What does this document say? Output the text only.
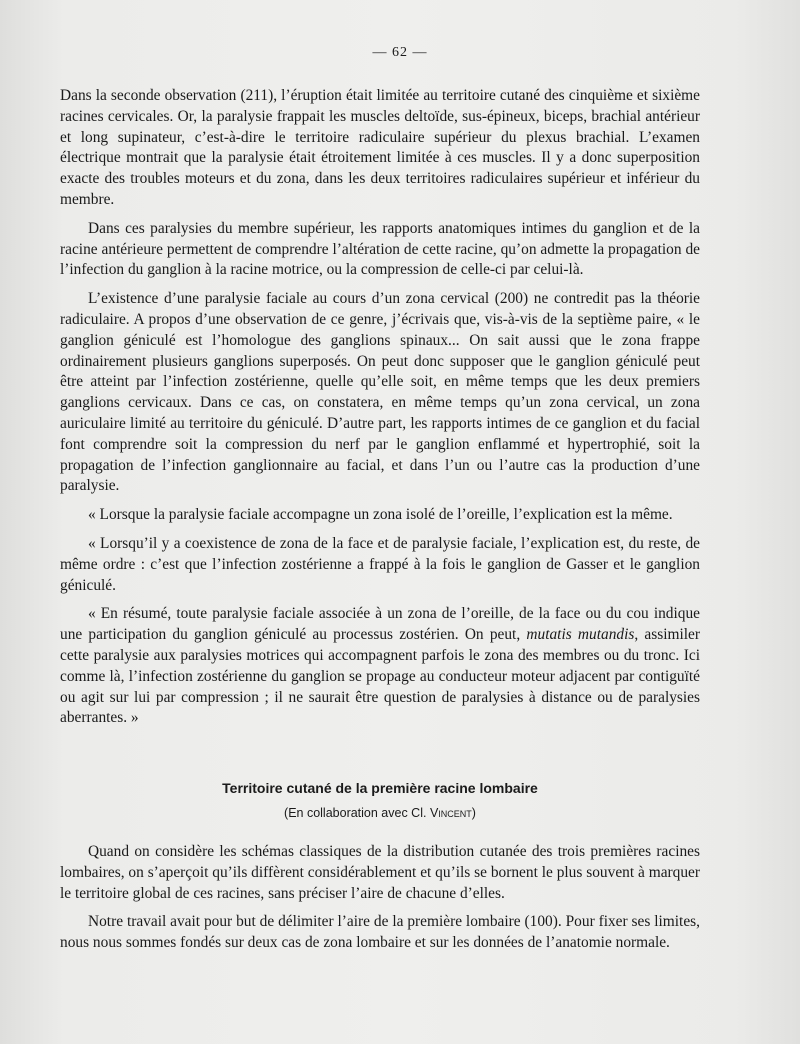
— 62 —

Dans la seconde observation (211), l’éruption était limitée au territoire cutané des cinquième et sixième racines cervicales. Or, la paralysie frappait les muscles deltoïde, sus-épineux, biceps, brachial antérieur et long supinateur, c’est-à-dire le territoire radiculaire supérieur du plexus brachial. L’examen électrique montrait que la paralysie était étroitement limitée à ces muscles. Il y a donc superposition exacte des troubles moteurs et du zona, dans les deux territoires radiculaires supérieur et inférieur du membre.

Dans ces paralysies du membre supérieur, les rapports anatomiques intimes du ganglion et de la racine antérieure permettent de comprendre l’altération de cette racine, qu’on admette la propagation de l’infection du ganglion à la racine motrice, ou la compression de celle-ci par celui-là.

L’existence d’une paralysie faciale au cours d’un zona cervical (200) ne contredit pas la théorie radiculaire. A propos d’une observation de ce genre, j’écrivais que, vis-à-vis de la septième paire, « le ganglion géniculé est l’homologue des ganglions spinaux... On sait aussi que le zona frappe ordinairement plusieurs ganglions superposés. On peut donc supposer que le ganglion géniculé peut être atteint par l’infection zostérienne, quelle qu’elle soit, en même temps que les deux premiers ganglions cervicaux. Dans ce cas, on constatera, en même temps qu’un zona cervical, un zona auriculaire limité au territoire du géniculé. D’autre part, les rapports intimes de ce ganglion et du facial font comprendre soit la compression du nerf par le ganglion enflammé et hypertrophié, soit la propagation de l’infection ganglionnaire au facial, et dans l’un ou l’autre cas la production d’une paralysie.

« Lorsque la paralysie faciale accompagne un zona isolé de l’oreille, l’explication est la même.

« Lorsqu’il y a coexistence de zona de la face et de paralysie faciale, l’explication est, du reste, de même ordre : c’est que l’infection zostérienne a frappé à la fois le ganglion de Gasser et le ganglion géniculé.

« En résumé, toute paralysie faciale associée à un zona de l’oreille, de la face ou du cou indique une participation du ganglion géniculé au processus zostérien. On peut, mutatis mutandis, assimiler cette paralysie aux paralysies motrices qui accompagnent parfois le zona des membres ou du tronc. Ici comme là, l’infection zostérienne du ganglion se propage au conducteur moteur adjacent par contiguïté ou agit sur lui par compression ; il ne saurait être question de paralysies à distance ou de paralysies aberrantes. »

Territoire cutané de la première racine lombaire
(En collaboration avec Cl. Vincent)

Quand on considère les schémas classiques de la distribution cutanée des trois premières racines lombaires, on s’aperçoit qu’ils diffèrent considérablement et qu’ils se bornent le plus souvent à marquer le territoire global de ces racines, sans préciser l’aire de chacune d’elles.

Notre travail avait pour but de délimiter l’aire de la première lombaire (100). Pour fixer ses limites, nous nous sommes fondés sur deux cas de zona lombaire et sur les données de l’anatomie normale.
